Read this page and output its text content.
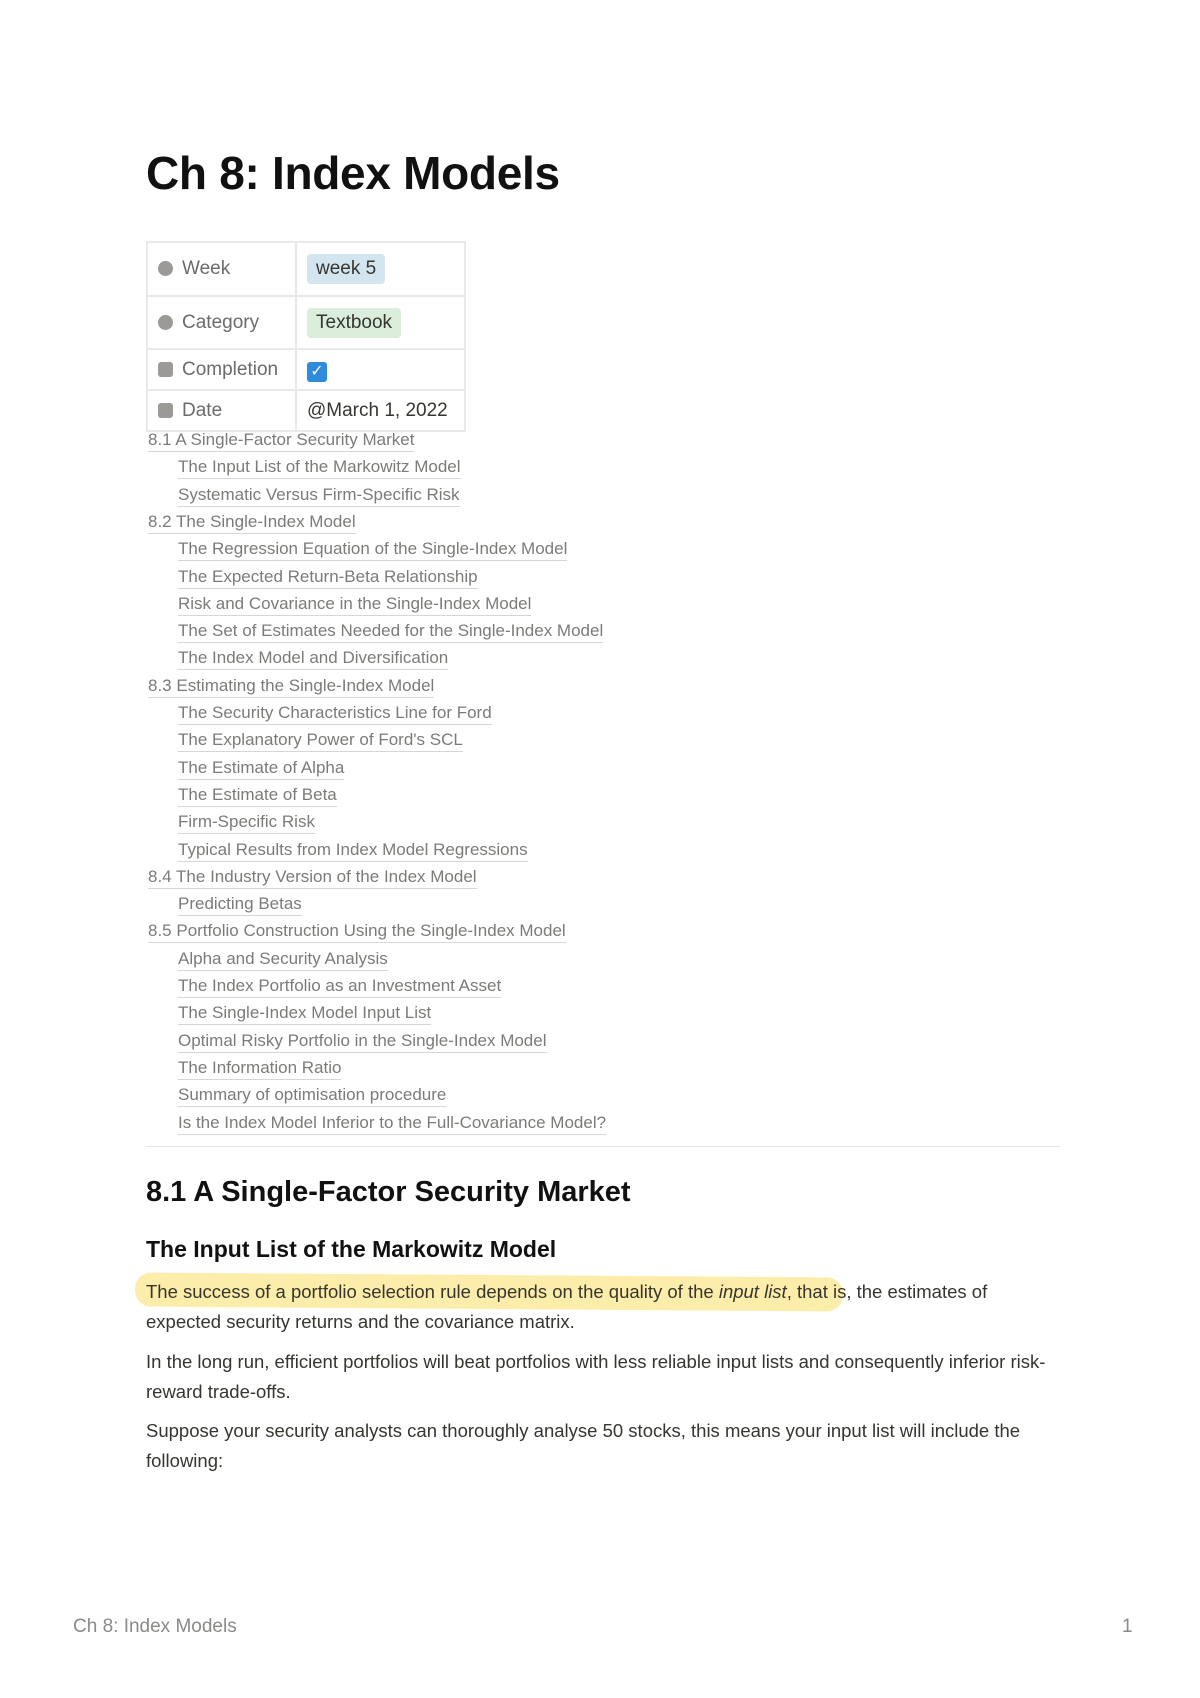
Ch 8: Index Models
Week	week 5
Category	Textbook
Completion	✓
Date	@March 1, 2022
8.1 A Single-Factor Security Market
The Input List of the Markowitz Model
Systematic Versus Firm-Specific Risk
8.2 The Single-Index Model
The Regression Equation of the Single-Index Model
The Expected Return-Beta Relationship
Risk and Covariance in the Single-Index Model
The Set of Estimates Needed for the Single-Index Model
The Index Model and Diversification
8.3 Estimating the Single-Index Model
The Security Characteristics Line for Ford
The Explanatory Power of Ford's SCL
The Estimate of Alpha
The Estimate of Beta
Firm-Specific Risk
Typical Results from Index Model Regressions
8.4 The Industry Version of the Index Model
Predicting Betas
8.5 Portfolio Construction Using the Single-Index Model
Alpha and Security Analysis
The Index Portfolio as an Investment Asset
The Single-Index Model Input List
Optimal Risky Portfolio in the Single-Index Model
The Information Ratio
Summary of optimisation procedure
Is the Index Model Inferior to the Full-Covariance Model?
8.1 A Single-Factor Security Market
The Input List of the Markowitz Model

The success of a portfolio selection rule depends on the quality of the input list, that is, the estimates of expected security returns and the covariance matrix.

In the long run, efficient portfolios will beat portfolios with less reliable input lists and consequently inferior risk-reward trade-offs.

Suppose your security analysts can thoroughly analyse 50 stocks, this means your input list will include the following:

Ch 8: Index Models	1
